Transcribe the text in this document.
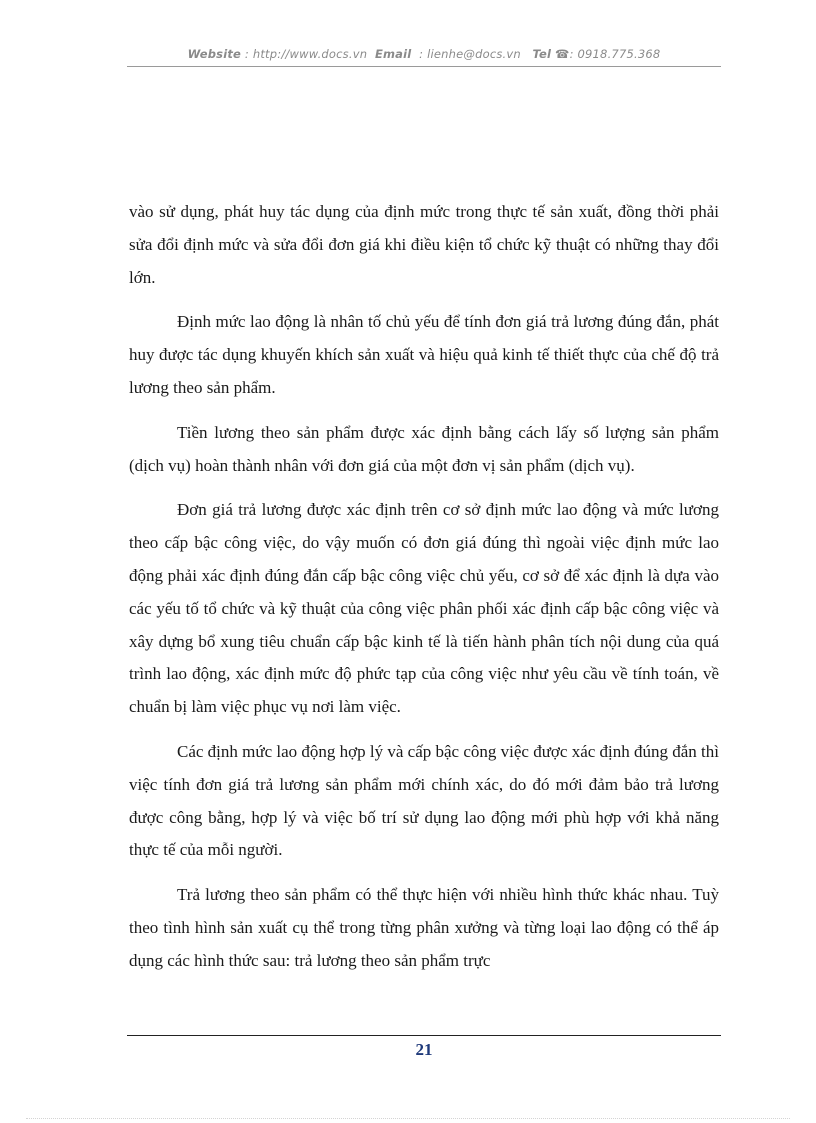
Website : http://www.docs.vn Email : lienhe@docs.vn Tel ☎: 0918.775.368

vào sử dụng, phát huy tác dụng của định mức trong thực tế sản xuất, đồng thời phải sửa đổi định mức và sửa đổi đơn giá khi điều kiện tổ chức kỹ thuật có những thay đổi lớn.

Định mức lao động là nhân tố chủ yếu để tính đơn giá trả lương đúng đắn, phát huy được tác dụng khuyến khích sản xuất và hiệu quả kinh tế thiết thực của chế độ trả lương theo sản phẩm.

Tiền lương theo sản phẩm được xác định bằng cách lấy số lượng sản phẩm (dịch vụ) hoàn thành nhân với đơn giá của một đơn vị sản phẩm (dịch vụ).

Đơn giá trả lương được xác định trên cơ sở định mức lao động và mức lương theo cấp bậc công việc, do vậy muốn có đơn giá đúng thì ngoài việc định mức lao động phải xác định đúng đắn cấp bậc công việc chủ yếu, cơ sở để xác định là dựa vào các yếu tố tổ chức và kỹ thuật của công việc phân phối xác định cấp bậc công việc và xây dựng bổ xung tiêu chuẩn cấp bậc kinh tế là tiến hành phân tích nội dung của quá trình lao động, xác định mức độ phức tạp của công việc như yêu cầu về tính toán, về chuẩn bị làm việc phục vụ nơi làm việc.

Các định mức lao động hợp lý và cấp bậc công việc được xác định đúng đắn thì việc tính đơn giá trả lương sản phẩm mới chính xác, do đó mới đảm bảo trả lương được công bằng, hợp lý và việc bố trí sử dụng lao động mới phù hợp với khả năng thực tế của mỗi người.

Trả lương theo sản phẩm có thể thực hiện với nhiều hình thức khác nhau. Tuỳ theo tình hình sản xuất cụ thể trong từng phân xưởng và từng loại lao động có thể áp dụng các hình thức sau: trả lương theo sản phẩm trực

21
